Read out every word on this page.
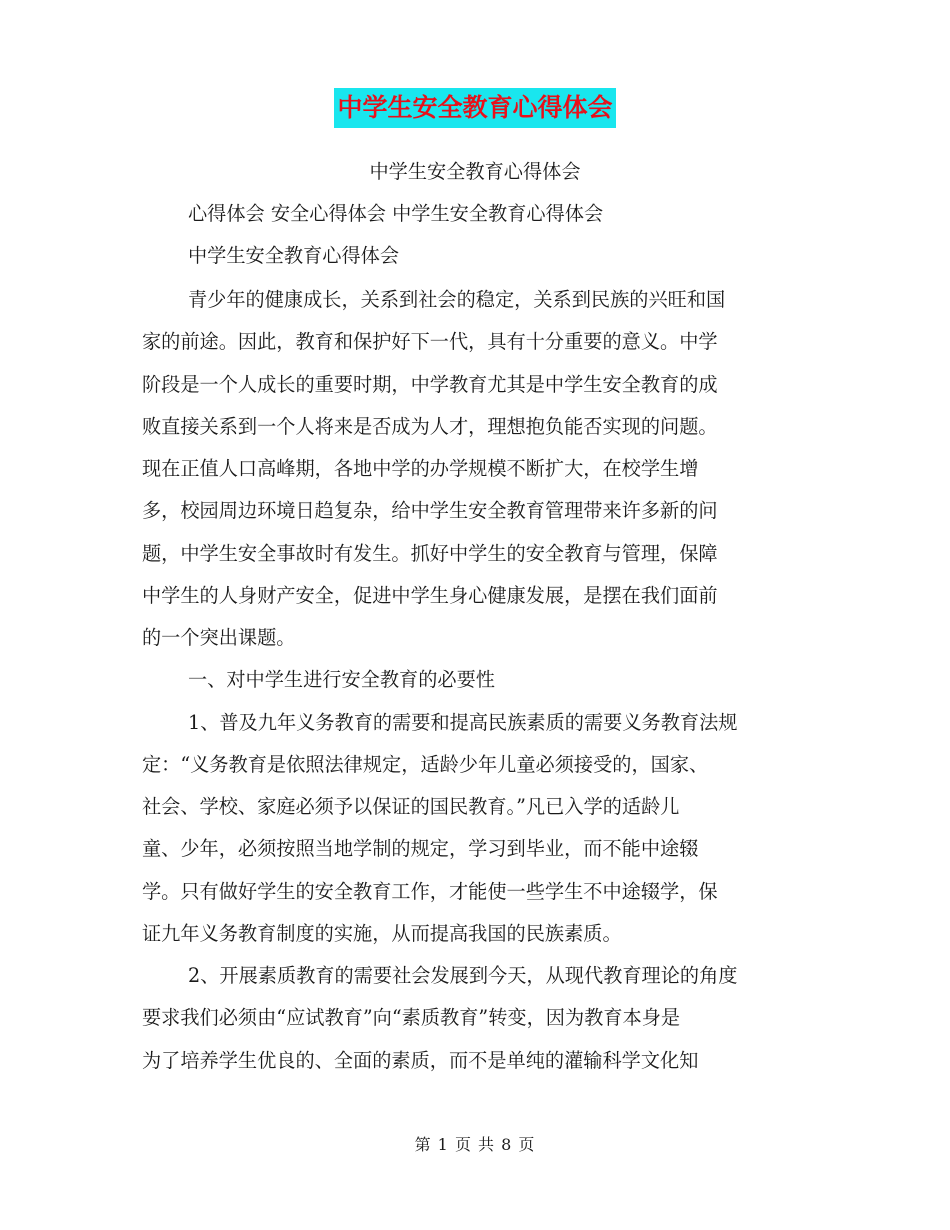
中学生安全教育心得体会
中学生安全教育心得体会
心得体会 安全心得体会 中学生安全教育心得体会
中学生安全教育心得体会
青少年的健康成长，关系到社会的稳定，关系到民族的兴旺和国
家的前途。因此，教育和保护好下一代，具有十分重要的意义。中学
阶段是一个人成长的重要时期，中学教育尤其是中学生安全教育的成
败直接关系到一个人将来是否成为人才，理想抱负能否实现的问题。
现在正值人口高峰期，各地中学的办学规模不断扩大，在校学生增
多，校园周边环境日趋复杂，给中学生安全教育管理带来许多新的问
题，中学生安全事故时有发生。抓好中学生的安全教育与管理，保障
中学生的人身财产安全，促进中学生身心健康发展，是摆在我们面前
的一个突出课题。
一、对中学生进行安全教育的必要性
1、普及九年义务教育的需要和提高民族素质的需要义务教育法规
定：“义务教育是依照法律规定，适龄少年儿童必须接受的，国家、
社会、学校、家庭必须予以保证的国民教育。”凡已入学的适龄儿
童、少年，必须按照当地学制的规定，学习到毕业，而不能中途辍
学。只有做好学生的安全教育工作，才能使一些学生不中途辍学，保
证九年义务教育制度的实施，从而提高我国的民族素质。
2、开展素质教育的需要社会发展到今天，从现代教育理论的角度
要求我们必须由“应试教育”向“素质教育”转变，因为教育本身是
为了培养学生优良的、全面的素质，而不是单纯的灌输科学文化知
第 1 页 共 8 页
